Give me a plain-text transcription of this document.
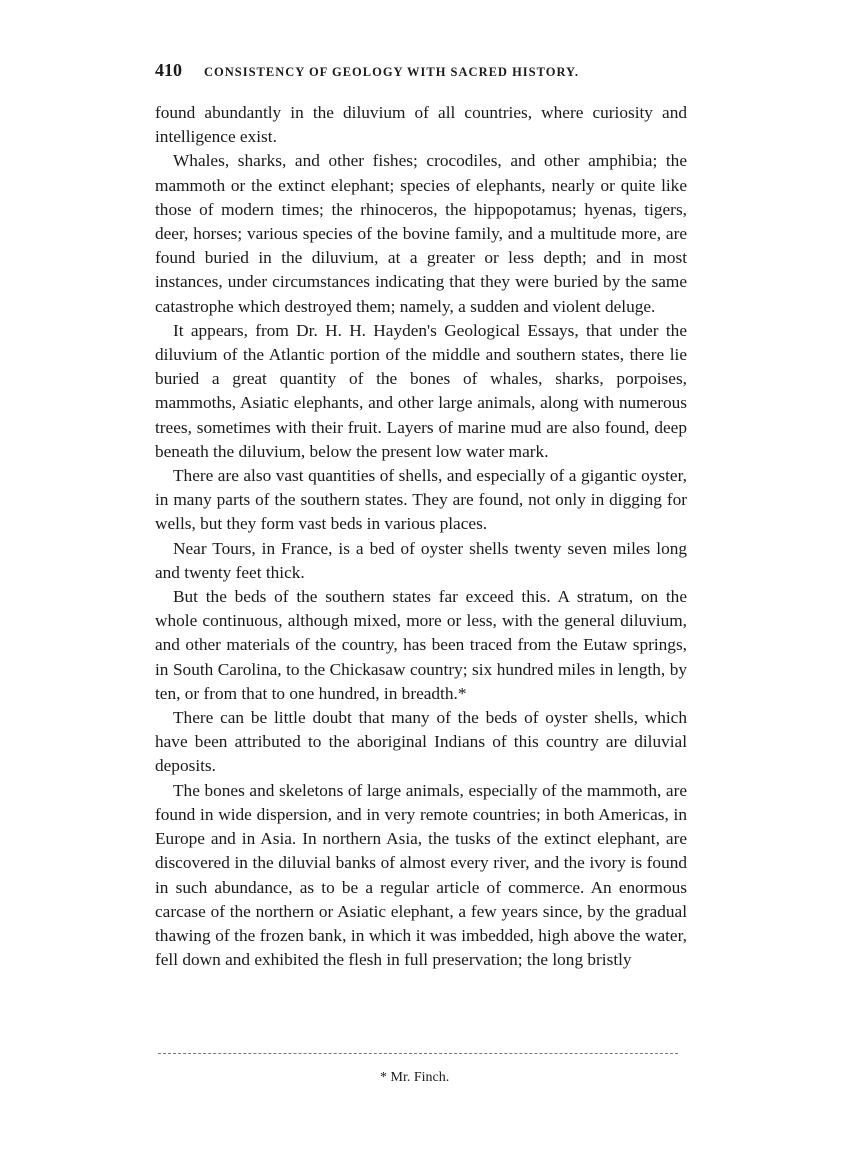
410 CONSISTENCY OF GEOLOGY WITH SACRED HISTORY.

found abundantly in the diluvium of all countries, where curiosity and intelligence exist.

Whales, sharks, and other fishes; crocodiles, and other amphibia; the mammoth or the extinct elephant; species of elephants, nearly or quite like those of modern times; the rhinoceros, the hippopotamus; hyenas, tigers, deer, horses; various species of the bovine family, and a multitude more, are found buried in the diluvium, at a greater or less depth; and in most instances, under circumstances indicating that they were buried by the same catastrophe which destroyed them; namely, a sudden and violent deluge.

It appears, from Dr. H. H. Hayden's Geological Essays, that under the diluvium of the Atlantic portion of the middle and southern states, there lie buried a great quantity of the bones of whales, sharks, porpoises, mammoths, Asiatic elephants, and other large animals, along with numerous trees, sometimes with their fruit. Layers of marine mud are also found, deep beneath the diluvium, below the present low water mark.

There are also vast quantities of shells, and especially of a gigantic oyster, in many parts of the southern states. They are found, not only in digging for wells, but they form vast beds in various places.

Near Tours, in France, is a bed of oyster shells twenty seven miles long and twenty feet thick.

But the beds of the southern states far exceed this. A stratum, on the whole continuous, although mixed, more or less, with the general diluvium, and other materials of the country, has been traced from the Eutaw springs, in South Carolina, to the Chickasaw country; six hundred miles in length, by ten, or from that to one hundred, in breadth.*

There can be little doubt that many of the beds of oyster shells, which have been attributed to the aboriginal Indians of this country are diluvial deposits.

The bones and skeletons of large animals, especially of the mammoth, are found in wide dispersion, and in very remote countries; in both Americas, in Europe and in Asia. In northern Asia, the tusks of the extinct elephant, are discovered in the diluvial banks of almost every river, and the ivory is found in such abundance, as to be a regular article of commerce. An enormous carcase of the northern or Asiatic elephant, a few years since, by the gradual thawing of the frozen bank, in which it was imbedded, high above the water, fell down and exhibited the flesh in full preservation; the long bristly

* Mr. Finch.
